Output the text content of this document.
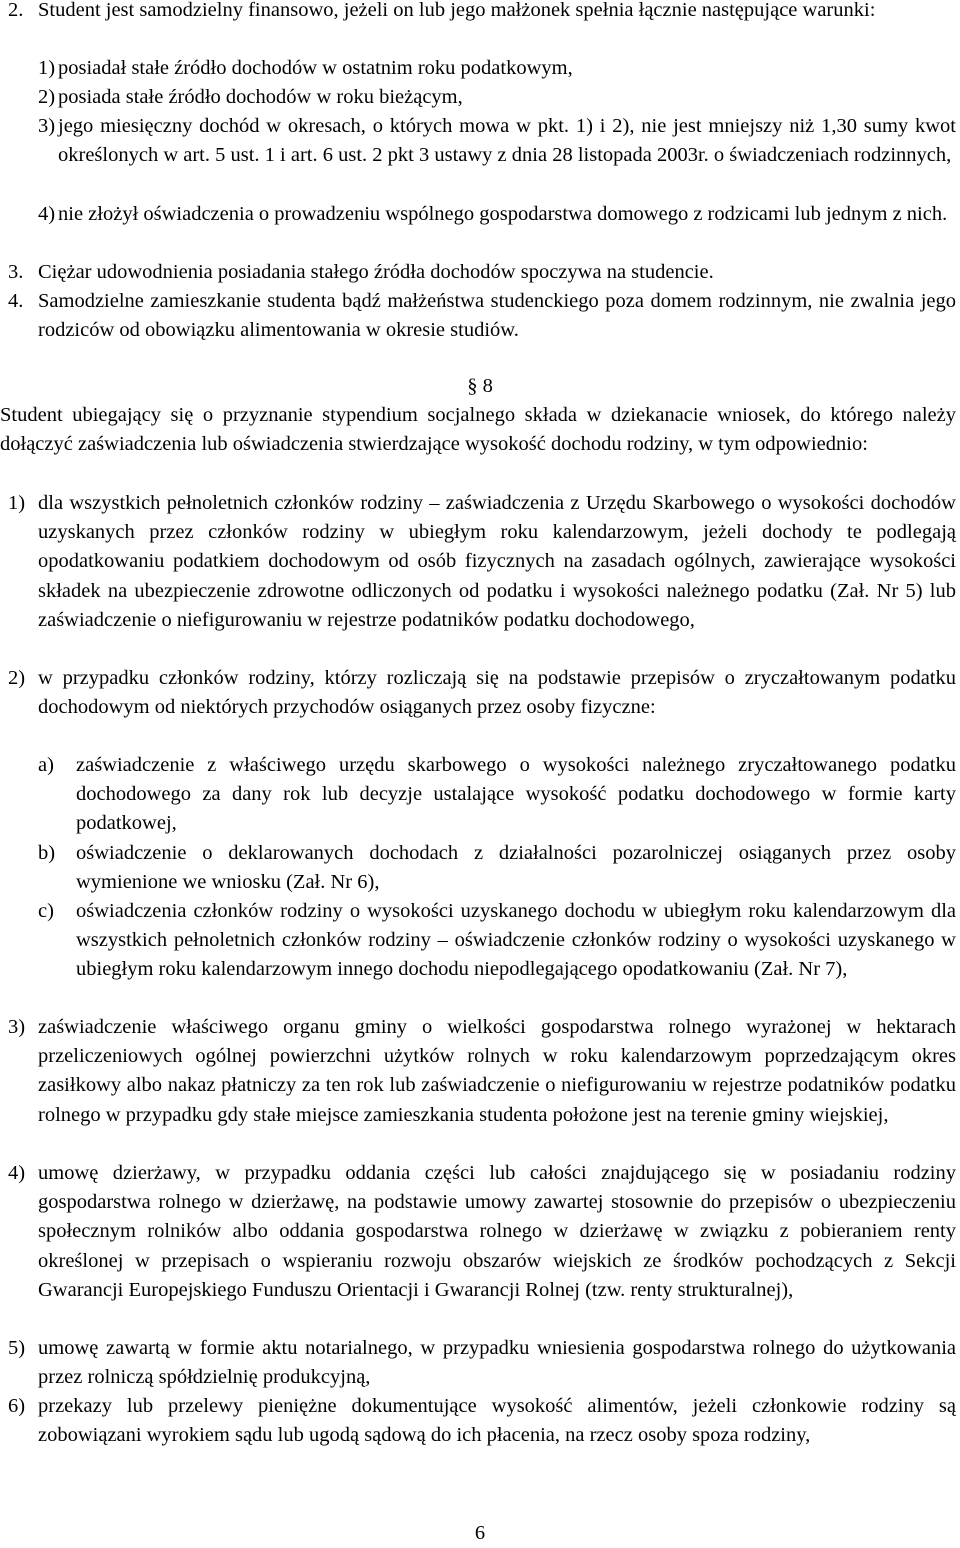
2. Student jest samodzielny finansowo, jeżeli on lub jego małżonek spełnia łącznie następujące warunki:
1) posiadał stałe źródło dochodów w ostatnim roku podatkowym,
2) posiada stałe źródło dochodów w roku bieżącym,
3) jego miesięczny dochód w okresach, o których mowa w pkt. 1) i 2), nie jest mniejszy niż 1,30 sumy kwot określonych w art. 5 ust. 1 i art. 6 ust. 2 pkt 3 ustawy z dnia 28 listopada 2003r. o świadczeniach rodzinnych,
4) nie złożył oświadczenia o prowadzeniu wspólnego gospodarstwa domowego z rodzicami lub jednym z nich.
3. Ciężar udowodnienia posiadania stałego źródła dochodów spoczywa na studencie.
4. Samodzielne zamieszkanie studenta bądź małżeństwa studenckiego poza domem rodzinnym, nie zwalnia jego rodziców od obowiązku alimentowania w okresie studiów.
§ 8
Student ubiegający się o przyznanie stypendium socjalnego składa w dziekanacie wniosek, do którego należy dołączyć zaświadczenia lub oświadczenia stwierdzające wysokość dochodu rodziny, w tym odpowiednio:
1) dla wszystkich pełnoletnich członków rodziny – zaświadczenia z Urzędu Skarbowego o wysokości dochodów uzyskanych przez członków rodziny w ubiegłym roku kalendarzowym, jeżeli dochody te podlegają opodatkowaniu podatkiem dochodowym od osób fizycznych na zasadach ogólnych, zawierające wysokości składek na ubezpieczenie zdrowotne odliczonych od podatku i wysokości należnego podatku (Zał. Nr 5) lub zaświadczenie o niefigurowaniu w rejestrze podatników podatku dochodowego,
2) w przypadku członków rodziny, którzy rozliczają się na podstawie przepisów o zryczałtowanym podatku dochodowym od niektórych przychodów osiąganych przez osoby fizyczne:
a) zaświadczenie z właściwego urzędu skarbowego o wysokości należnego zryczałtowanego podatku dochodowego za dany rok lub decyzje ustalające wysokość podatku dochodowego w formie karty podatkowej,
b) oświadczenie o deklarowanych dochodach z działalności pozarolniczej osiąganych przez osoby wymienione we wniosku (Zał. Nr 6),
c) oświadczenia członków rodziny o wysokości uzyskanego dochodu w ubiegłym roku kalendarzowym dla wszystkich pełnoletnich członków rodziny – oświadczenie członków rodziny o wysokości uzyskanego w ubiegłym roku kalendarzowym innego dochodu niepodlegającego opodatkowaniu (Zał. Nr 7),
3) zaświadczenie właściwego organu gminy o wielkości gospodarstwa rolnego wyrażonej w hektarach przeliczeniowych ogólnej powierzchni użytków rolnych w roku kalendarzowym poprzedzającym okres zasiłkowy albo nakaz płatniczy za ten rok lub zaświadczenie o niefigurowaniu w rejestrze podatników podatku rolnego w przypadku gdy stałe miejsce zamieszkania studenta położone jest na terenie gminy wiejskiej,
4) umowę dzierżawy, w przypadku oddania części lub całości znajdującego się w posiadaniu rodziny gospodarstwa rolnego w dzierżawę, na podstawie umowy zawartej stosownie do przepisów o ubezpieczeniu społecznym rolników albo oddania gospodarstwa rolnego w dzierżawę w związku z pobieraniem renty określonej w przepisach o wspieraniu rozwoju obszarów wiejskich ze środków pochodzących z Sekcji Gwarancji Europejskiego Funduszu Orientacji i Gwarancji Rolnej (tzw. renty strukturalnej),
5) umowę zawartą w formie aktu notarialnego, w przypadku wniesienia gospodarstwa rolnego do użytkowania przez rolniczą spółdzielnię produkcyjną,
6) przekazy lub przelewy pieniężne dokumentujące wysokość alimentów, jeżeli członkowie rodziny są zobowiązani wyrokiem sądu lub ugodą sądową do ich płacenia, na rzecz osoby spoza rodziny,
6
